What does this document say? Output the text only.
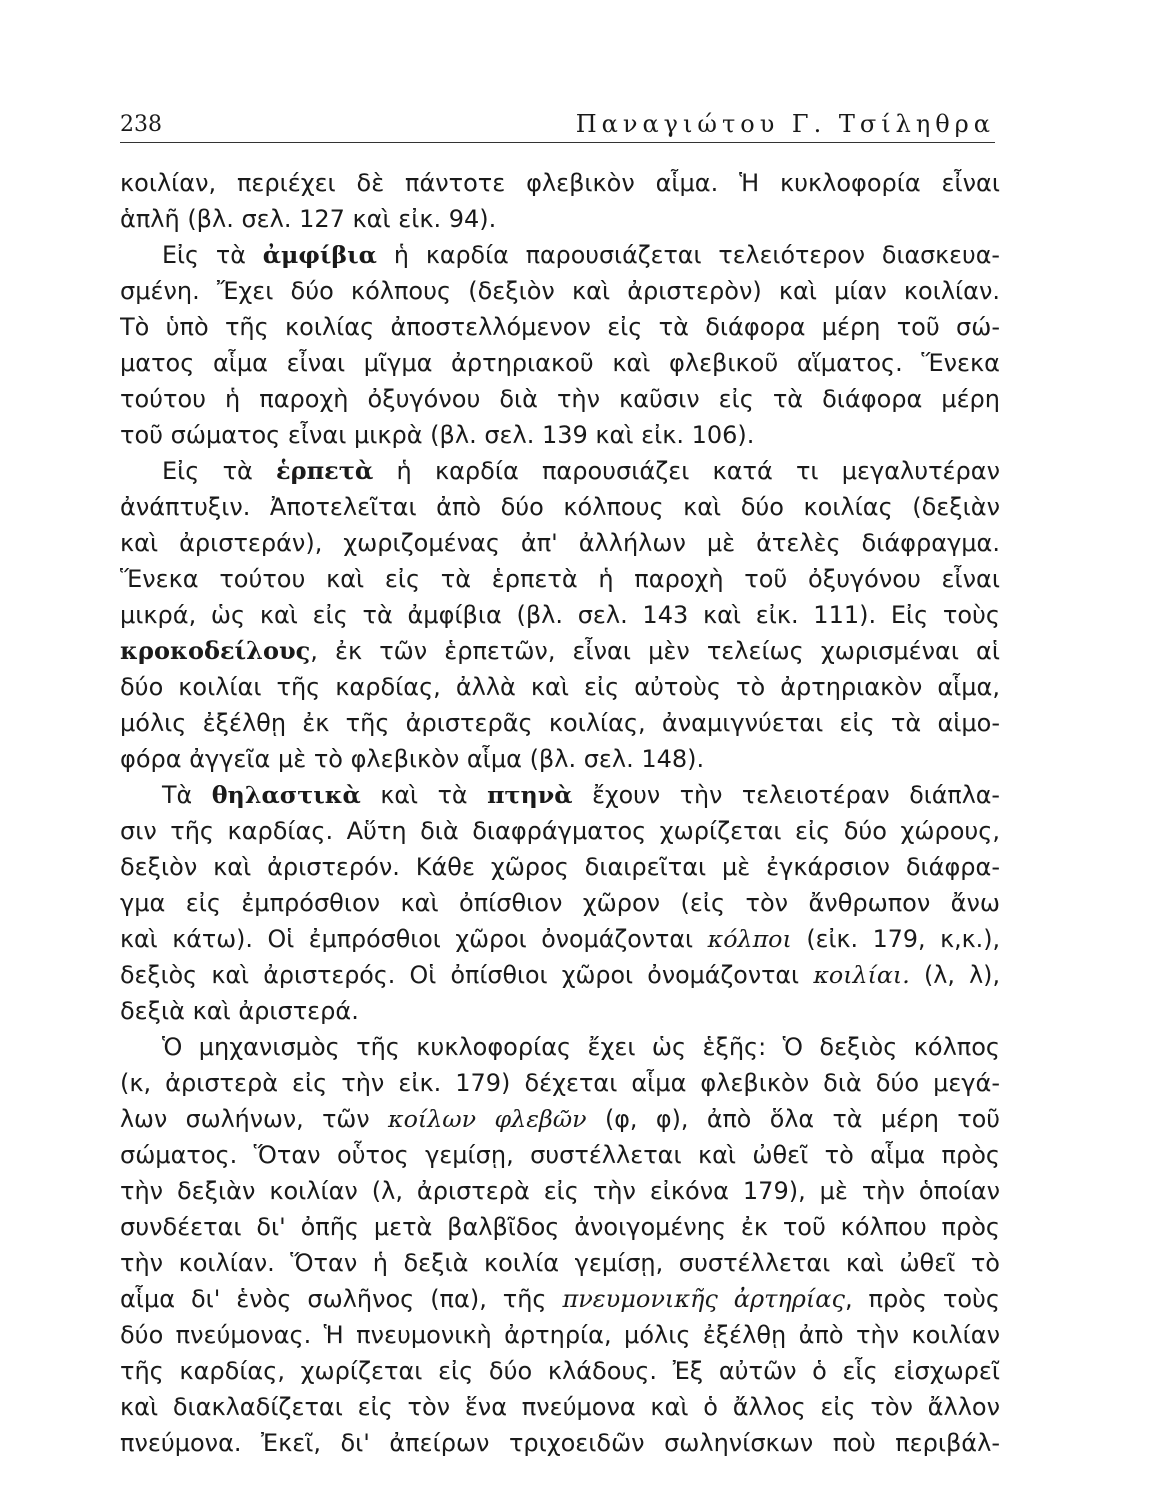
238	Παναγιώτου Γ. Τσίληθρα
κοιλίαν, περιέχει δὲ πάντοτε φλεβικὸν αἷμα. Ἡ κυκλοφορία εἶναι
ἁπλῆ (βλ. σελ. 127 καὶ εἰκ. 94).
Εἰς τὰ ἀμφίβια ἡ καρδία παρουσιάζεται τελειότερον διασκευα-
σμένη. Ἔχει δύο κόλπους (δεξιὸν καὶ ἀριστερὸν) καὶ μίαν κοιλίαν.
Τὸ ὑπὸ τῆς κοιλίας ἀποστελλόμενον εἰς τὰ διάφορα μέρη τοῦ σώ-
ματος αἷμα εἶναι μῖγμα ἀρτηριακοῦ καὶ φλεβικοῦ αἵματος. Ἕνεκα
τούτου ἡ παροχὴ ὀξυγόνου διὰ τὴν καῦσιν εἰς τὰ διάφορα μέρη
τοῦ σώματος εἶναι μικρὰ (βλ. σελ. 139 καὶ εἰκ. 106).
Εἰς τὰ ἑρπετὰ ἡ καρδία παρουσιάζει κατά τι μεγαλυτέραν
ἀνάπτυξιν. Ἀποτελεῖται ἀπὸ δύο κόλπους καὶ δύο κοιλίας (δεξιὰν
καὶ ἀριστεράν), χωριζομένας ἀπ' ἀλλήλων μὲ ἀτελὲς διάφραγμα.
Ἕνεκα τούτου καὶ εἰς τὰ ἑρπετὰ ἡ παροχὴ τοῦ ὀξυγόνου εἶναι
μικρά, ὡς καὶ εἰς τὰ ἀμφίβια (βλ. σελ. 143 καὶ εἰκ. 111). Εἰς τοὺς
κροκοδείλους, ἐκ τῶν ἑρπετῶν, εἶναι μὲν τελείως χωρισμέναι αἱ
δύο κοιλίαι τῆς καρδίας, ἀλλὰ καὶ εἰς αὐτοὺς τὸ ἀρτηριακὸν αἷμα,
μόλις ἐξέλθῃ ἐκ τῆς ἀριστερᾶς κοιλίας, ἀναμιγνύεται εἰς τὰ αἱμο-
φόρα ἀγγεῖα μὲ τὸ φλεβικὸν αἷμα (βλ. σελ. 148).
Τὰ θηλαστικὰ καὶ τὰ πτηνὰ ἔχουν τὴν τελειοτέραν διάπλα-
σιν τῆς καρδίας. Αὕτη διὰ διαφράγματος χωρίζεται εἰς δύο χώρους,
δεξιὸν καὶ ἀριστερόν. Κάθε χῶρος διαιρεῖται μὲ ἐγκάρσιον διάφρα-
γμα εἰς ἐμπρόσθιον καὶ ὀπίσθιον χῶρον (εἰς τὸν ἄνθρωπον ἄνω
καὶ κάτω). Οἱ ἐμπρόσθιοι χῶροι ὀνομάζονται κόλποι (εἰκ. 179, κ,κ.),
δεξιὸς καὶ ἀριστερός. Οἱ ὀπίσθιοι χῶροι ὀνομάζονται κοιλίαι. (λ, λ),
δεξιὰ καὶ ἀριστερά.
Ὁ μηχανισμὸς τῆς κυκλοφορίας ἔχει ὡς ἑξῆς: Ὁ δεξιὸς κόλπος
(κ, ἀριστερὰ εἰς τὴν εἰκ. 179) δέχεται αἷμα φλεβικὸν διὰ δύο μεγά-
λων σωλήνων, τῶν κοίλων φλεβῶν (φ, φ), ἀπὸ ὅλα τὰ μέρη τοῦ
σώματος. Ὅταν οὗτος γεμίσῃ, συστέλλεται καὶ ὠθεῖ τὸ αἷμα πρὸς
τὴν δεξιὰν κοιλίαν (λ, ἀριστερὰ εἰς τὴν εἰκόνα 179), μὲ τὴν ὁποίαν
συνδέεται δι' ὀπῆς μετὰ βαλβῖδος ἀνοιγομένης ἐκ τοῦ κόλπου πρὸς
τὴν κοιλίαν. Ὅταν ἡ δεξιὰ κοιλία γεμίσῃ, συστέλλεται καὶ ὠθεῖ τὸ
αἷμα δι' ἑνὸς σωλῆνος (πα), τῆς πνευμονικῆς ἀρτηρίας, πρὸς τοὺς
δύο πνεύμονας. Ἡ πνευμονικὴ ἀρτηρία, μόλις ἐξέλθῃ ἀπὸ τὴν κοιλίαν
τῆς καρδίας, χωρίζεται εἰς δύο κλάδους. Ἐξ αὐτῶν ὁ εἷς εἰσχωρεῖ
καὶ διακλαδίζεται εἰς τὸν ἕνα πνεύμονα καὶ ὁ ἄλλος εἰς τὸν ἄλλον
πνεύμονα. Ἐκεῖ, δι' ἀπείρων τριχοειδῶν σωληνίσκων ποὺ περιβάλ-
